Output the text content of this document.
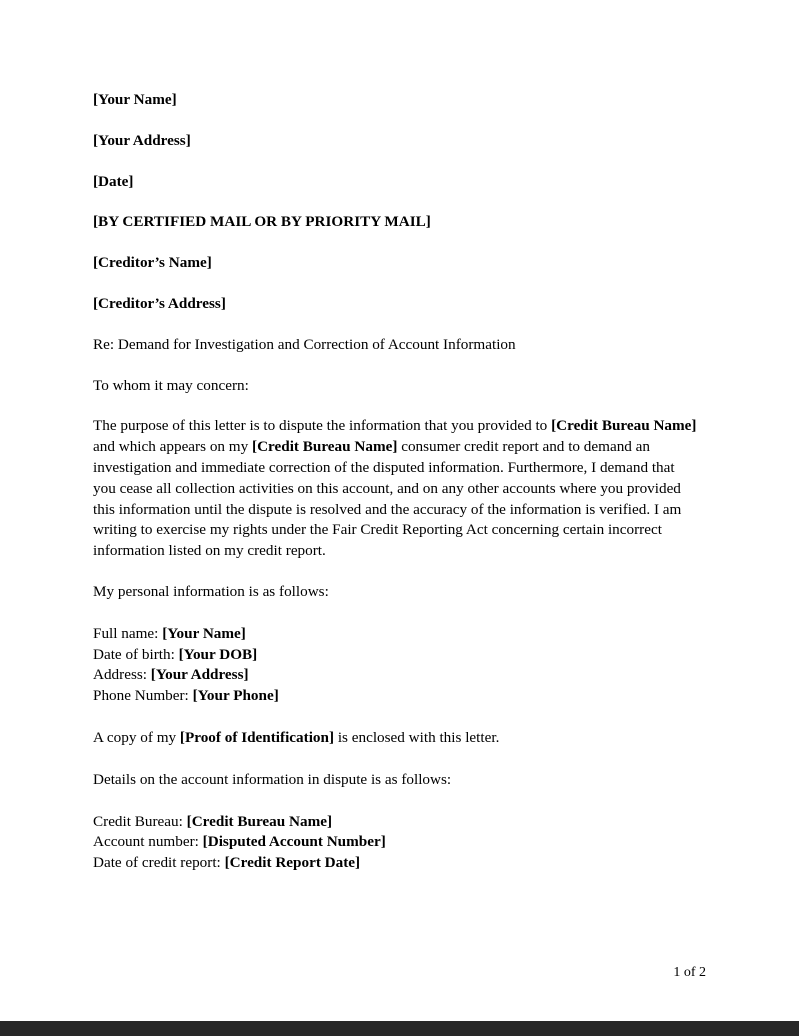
[Your Name]

[Your Address]

[Date]

[BY CERTIFIED MAIL OR BY PRIORITY MAIL]

[Creditor’s Name]

[Creditor’s Address]

Re: Demand for Investigation and Correction of Account Information

To whom it may concern:

The purpose of this letter is to dispute the information that you provided to [Credit Bureau Name] and which appears on my [Credit Bureau Name] consumer credit report and to demand an investigation and immediate correction of the disputed information. Furthermore, I demand that you cease all collection activities on this account, and on any other accounts where you provided this information until the dispute is resolved and the accuracy of the information is verified. I am writing to exercise my rights under the Fair Credit Reporting Act concerning certain incorrect information listed on my credit report.

My personal information is as follows:

Full name: [Your Name]
Date of birth: [Your DOB]
Address: [Your Address]
Phone Number: [Your Phone]

A copy of my [Proof of Identification] is enclosed with this letter.

Details on the account information in dispute is as follows:

Credit Bureau: [Credit Bureau Name]
Account number: [Disputed Account Number]
Date of credit report: [Credit Report Date]
1 of 2
